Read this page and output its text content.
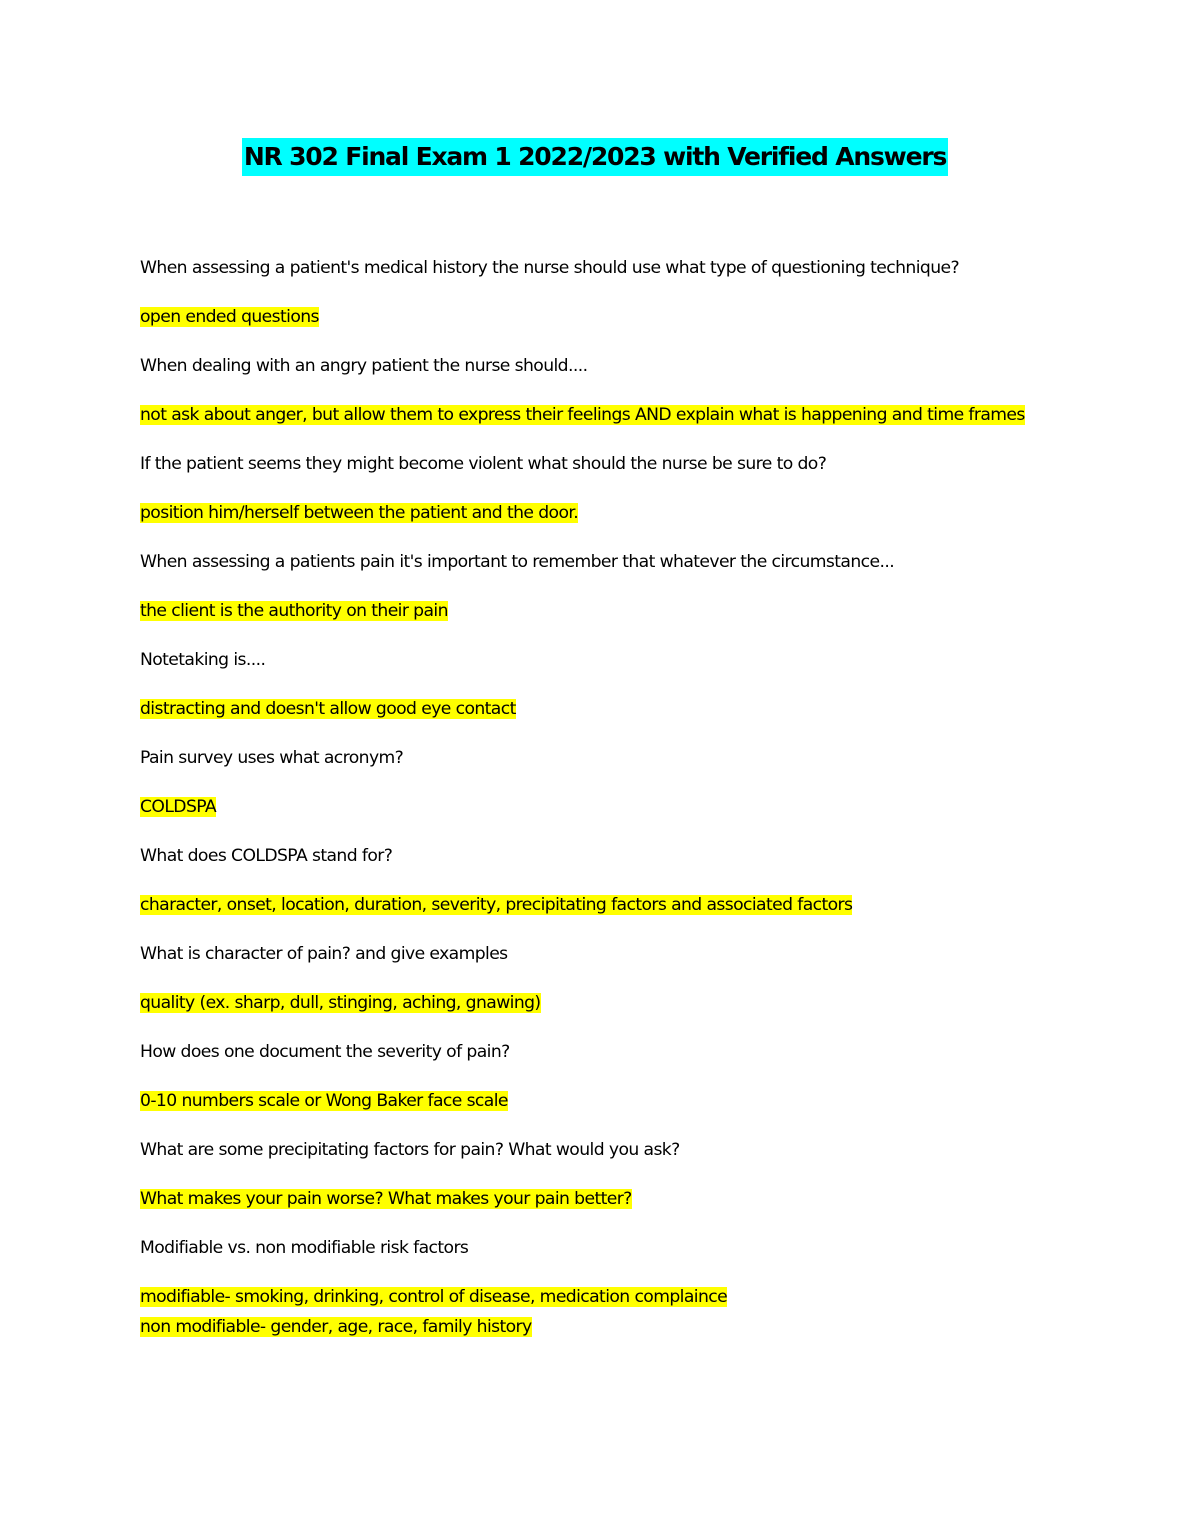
NR 302 Final Exam 1 2022/2023 with Verified Answers
When assessing a patient's medical history the nurse should use what type of questioning technique?
open ended questions
When dealing with an angry patient the nurse should....
not ask about anger, but allow them to express their feelings AND explain what is happening and time frames
If the patient seems they might become violent what should the nurse be sure to do?
position him/herself between the patient and the door.
When assessing a patients pain it's important to remember that whatever the circumstance...
the client is the authority on their pain
Notetaking is....
distracting and doesn't allow good eye contact
Pain survey uses what acronym?
COLDSPA
What does COLDSPA stand for?
character, onset, location, duration, severity, precipitating factors and associated factors
What is character of pain? and give examples
quality (ex. sharp, dull, stinging, aching, gnawing)
How does one document the severity of pain?
0-10 numbers scale or Wong Baker face scale
What are some precipitating factors for pain? What would you ask?
What makes your pain worse? What makes your pain better?
Modifiable vs. non modifiable risk factors
modifiable- smoking, drinking, control of disease, medication complaince
non modifiable- gender, age, race, family history
